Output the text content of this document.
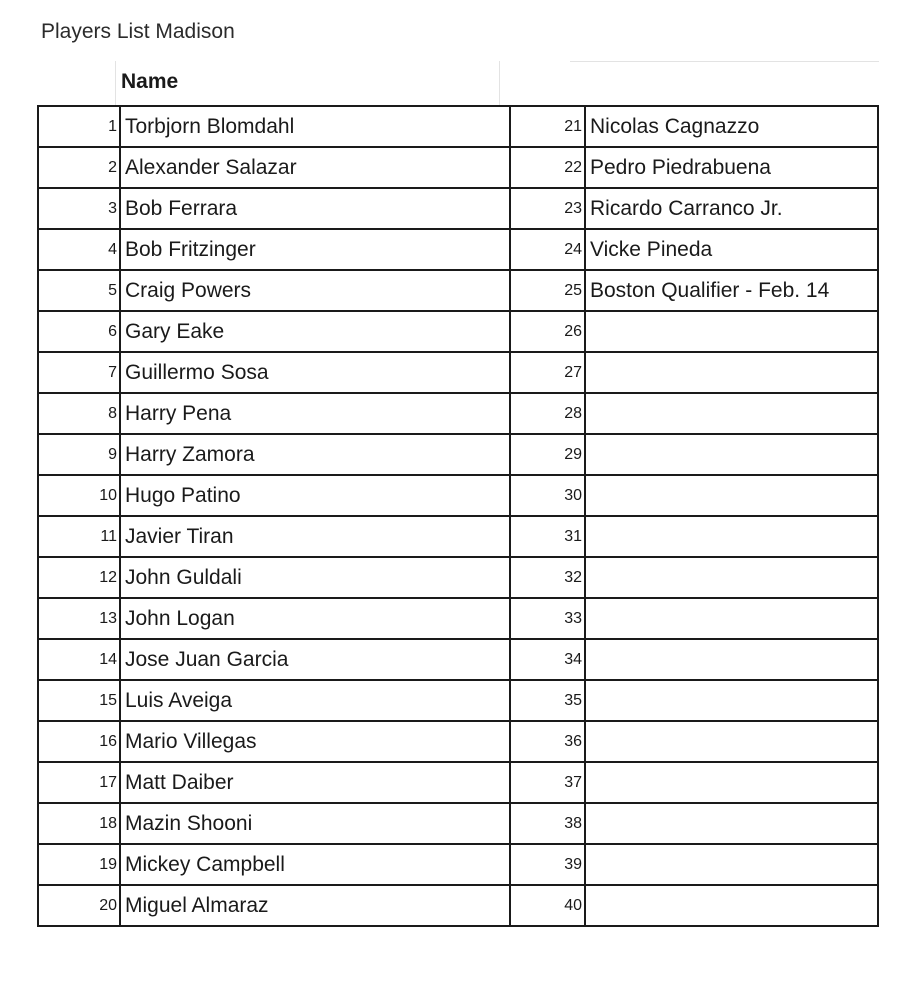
Players List Madison
Name
1	Torbjorn Blomdahl	21	Nicolas Cagnazzo
2	Alexander Salazar	22	Pedro Piedrabuena
3	Bob Ferrara	23	Ricardo Carranco Jr.
4	Bob Fritzinger	24	Vicke Pineda
5	Craig Powers	25	Boston Qualifier - Feb. 14
6	Gary Eake	26	
7	Guillermo Sosa	27	
8	Harry Pena	28	
9	Harry Zamora	29	
10	Hugo Patino	30	
11	Javier Tiran	31	
12	John Guldali	32	
13	John Logan	33	
14	Jose Juan Garcia	34	
15	Luis Aveiga	35	
16	Mario Villegas	36	
17	Matt Daiber	37	
18	Mazin Shooni	38	
19	Mickey Campbell	39	
20	Miguel Almaraz	40	
